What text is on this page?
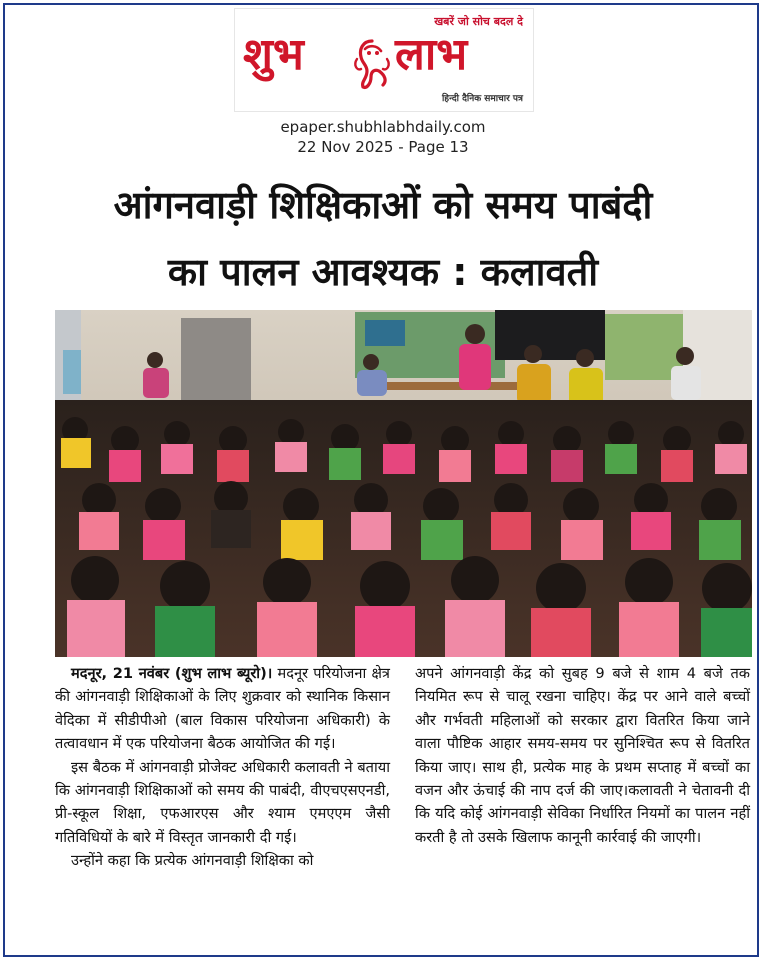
खबरें जो सोच बदल दे
शुभ लाभ
हिन्दी दैनिक समाचार पत्र
epaper.shubhlabhdaily.com
22 Nov 2025 - Page 13
आंगनवाड़ी शिक्षिकाओं को समय पाबंदी
का पालन आवश्यक : कलावती

मदनूर, 21 नवंबर (शुभ लाभ ब्यूरो)। मदनूर परियोजना क्षेत्र की आंगनवाड़ी शिक्षिकाओं के लिए शुक्रवार को स्थानिक किसान वेदिका में सीडीपीओ (बाल विकास परियोजना अधिकारी) के तत्वावधान में एक परियोजना बैठक आयोजित की गई।

इस बैठक में आंगनवाड़ी प्रोजेक्ट अधिकारी कलावती ने बताया कि आंगनवाड़ी शिक्षिकाओं को समय की पाबंदी, वीएचएसएनडी, प्री-स्कूल शिक्षा, एफआरएस और श्याम एमएएम जैसी गतिविधियों के बारे में विस्तृत जानकारी दी गई।

उन्होंने कहा कि प्रत्येक आंगनवाड़ी शिक्षिका को

अपने आंगनवाड़ी केंद्र को सुबह 9 बजे से शाम 4 बजे तक नियमित रूप से चालू रखना चाहिए। केंद्र पर आने वाले बच्चों और गर्भवती महिलाओं को सरकार द्वारा वितरित किया जाने वाला पौष्टिक आहार समय-समय पर सुनिश्चित रूप से वितरित किया जाए। साथ ही, प्रत्येक माह के प्रथम सप्ताह में बच्चों का वजन और ऊंचाई की नाप दर्ज की जाए।कलावती ने चेतावनी दी कि यदि कोई आंगनवाड़ी सेविका निर्धारित नियमों का पालन नहीं करती है तो उसके खिलाफ कानूनी कार्रवाई की जाएगी।
